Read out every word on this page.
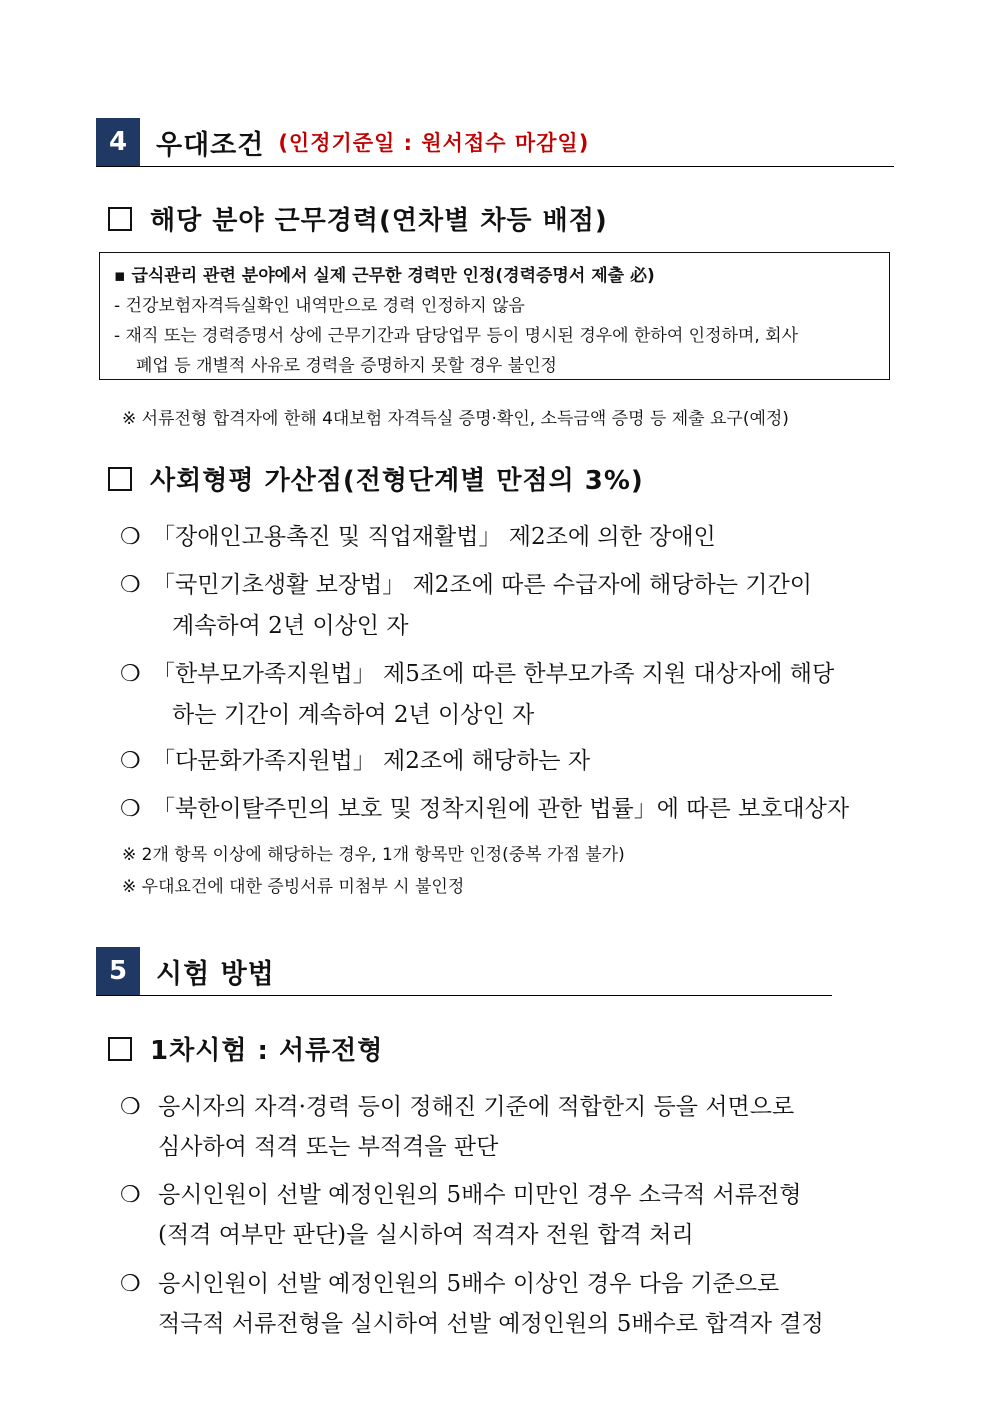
4	우대조건 (인정기준일 : 원서접수 마감일)
해당 분야 근무경력(연차별 차등 배점)
▪ 급식관리 관련 분야에서 실제 근무한 경력만 인정(경력증명서 제출 必)
- 건강보험자격득실확인 내역만으로 경력 인정하지 않음
- 재직 또는 경력증명서 상에 근무기간과 담당업무 등이 명시된 경우에 한하여 인정하며, 회사
폐업 등 개별적 사유로 경력을 증명하지 못할 경우 불인정
※ 서류전형 합격자에 한해 4대보험 자격득실 증명·확인, 소득금액 증명 등 제출 요구(예정)
사회형평 가산점(전형단계별 만점의 3%)
❍ 「장애인고용촉진 및 직업재활법」 제2조에 의한 장애인
❍ 「국민기초생활 보장법」 제2조에 따른 수급자에 해당하는 기간이
계속하여 2년 이상인 자
❍ 「한부모가족지원법」 제5조에 따른 한부모가족 지원 대상자에 해당
하는 기간이 계속하여 2년 이상인 자
❍ 「다문화가족지원법」 제2조에 해당하는 자
❍ 「북한이탈주민의 보호 및 정착지원에 관한 법률」에 따른 보호대상자
※ 2개 항목 이상에 해당하는 경우, 1개 항목만 인정(중복 가점 불가)
※ 우대요건에 대한 증빙서류 미첨부 시 불인정
5	시험 방법
1차시험 : 서류전형
❍ 응시자의 자격·경력 등이 정해진 기준에 적합한지 등을 서면으로
심사하여 적격 또는 부적격을 판단
❍ 응시인원이 선발 예정인원의 5배수 미만인 경우 소극적 서류전형
(적격 여부만 판단)을 실시하여 적격자 전원 합격 처리
❍ 응시인원이 선발 예정인원의 5배수 이상인 경우 다음 기준으로
적극적 서류전형을 실시하여 선발 예정인원의 5배수로 합격자 결정
